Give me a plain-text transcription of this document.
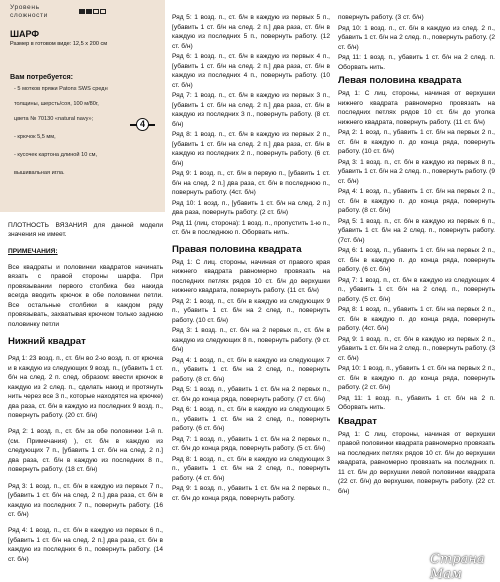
Уровень сложности
ШАРФ
Размер в готовом виде: 12,5 х 200 см
Вам потребуется:
- 5 мотков пряжи Patons SWS средн
толщины, шерсть/соя, 100 м/80г,
цвета № 70130 «natural navy»;
- крючок 5,5 мм,
- кусочек картона длиной 10 см,
вышивальная игла.
4

ПЛОТНОСТЬ ВЯЗАНИЯ для данной модели значения не имеет.

ПРИМЕЧАНИЯ:

Все квадраты и половинки квадратов начинать вязать с правой стороны шарфа. При провязывании первого столбика без накида всегда вводить крючок в обе половинки петли. Все остальные столбики в каждом ряду провязывать, захватывая крючком только заднюю половинку петли

Нижний квадрат

Ряд 1: 23 возд. п., ст. б/н во 2-ю возд. п. от крючка и в каждую из следующих 9 возд. п., (убавить 1 ст. б/н на след. 2 п. след. образом: ввести крючок в каждую из 2 след. п., сделать накид и протянуть нить через все 3 п., которые находятся на крючке) два раза, ст. б/н в каждую из последних 9 возд. п., повернуть работу. (20 ст. б/н)

Ряд 2: 1 возд. п., ст. б/н за обе половинки 1-й п. (см. Примечания) ), ст. б/н в каждую из следующих 7 п., [убавить 1 ст. б/н на след. 2 п.] два раза, ст. б/н в каждую из последних 8 п., повернуть работу. (18 ст. б/н)

Ряд 3: 1 возд. п., ст. б/н в каждую из первых 7 п., [убавить 1 ст. б/н на след. 2 п.] два раза, ст. б/н в каждую из последних 7 п., повернуть работу. (16 ст. б/н)

Ряд 4: 1 возд. п., ст. б/н в каждую из первых 6 п., [убавить 1 ст. б/н на след. 2 п.] два раза, ст. б/н в каждую из последних 6 п., повернуть работу. (14 ст. б/н)

Ряд 5: 1 возд. п., ст. б/н в каждую из первых 5 п., [убавить 1 ст. б/н на след. 2 п.] два раза, ст. б/н в каждую из последних 5 п., повернуть работу. (12 ст. б/н)

Ряд 6: 1 возд. п., ст. б/н в каждую из первых 4 п., [убавить 1 ст. б/н на след. 2 п.] два раза, ст. б/н в каждую из последних 4 п., повернуть работу. (10 ст. б/н)

Ряд 7: 1 возд. п., ст. б/н в каждую из первых 3 п., [убавить 1 ст. б/н на след. 2 п.] два раза, ст. б/н в каждую из последних 3 п., повернуть работу. (8 ст. б/н)

Ряд 8: 1 возд. п., ст. б/н в каждую из первых 2 п., [убавить 1 ст. б/н на след. 2 п.] два раза, ст. б/н в каждую из последних 2 п., повернуть работу. (6 ст. б/н)

Ряд 9: 1 возд. п., ст. б/н в первую п., [убавить 1 ст. б/н на след. 2 п.] два раза, ст. б/н в последнюю п., повернуть работу. (4ст. б/н)

Ряд 10: 1 возд. п., [убавить 1 ст. б/н на след. 2 п.] два раза, повернуть работу. (2 ст. б/н)

Ряд 11 (лиц. сторона): 1 возд. п., пропустить 1-ю п., ст. б/н в последнюю п. Оборвать нить.

Правая половина квадрата

Ряд 1: С лиц. стороны, начиная от правого края нижнего квадрата равномерно провязать на последних петлях рядов 10 ст. б/н до верхушки нижнего квадрата, повернуть работу. (11 ст. б/н)

Ряд 2: 1 возд. п., ст. б/н в каждую из следующих 9 п., убавить 1 ст. б/н на 2 след. п., повернуть работу. (10 ст. б/н)

Ряд 3: 1 возд. п., ст. б/н на 2 первых п., ст. б/н в каждую из следующих 8 п., повернуть работу. (9 ст. б/н)

Ряд 4: 1 возд. п., ст. б/н в каждую из следующих 7 п., убавить 1 ст. б/н на 2 след. п., повернуть работу. (8 ст. б/н)

Ряд 5: 1 возд. п., убавить 1 ст. б/н на 2 первых п., ст. б/н до конца ряда, повернуть работу. (7 ст. б/н)

Ряд 6: 1 возд. п., ст. б/н в каждую из следующих 5 п., убавить 1 ст. б/н на 2 след. п., повернуть работу. (6 ст. б/н)

Ряд 7: 1 возд. п., убавить 1 ст. б/н на 2 первых п., ст. б/н до конца ряда, повернуть работу. (5 ст. б/н)

Ряд 8: 1 возд. п., ст. б/н в каждую из следующих 3 п., убавить 1 ст. б/н на 2 след. п., повернуть работу. (4 ст. б/н)

Ряд 9: 1 возд. п., убавить 1 ст. б/н на 2 первых п., ст. б/н до конца ряда, повернуть работу.

повернуть работу. (3 ст. б/н)

Ряд 10: 1 возд. п., ст. б/н в каждую из след. 2 п., убавить 1 ст. б/н на 2 след. п., повернуть работу. (2 ст. б/н)

Ряд 11: 1 возд. п., убавить 1 ст. б/н на 2 след. п. Оборвать нить.

Левая половина квадрата

Ряд 1: С лиц. стороны, начиная от верхушки нижнего квадрата равномерно провязать на последних петлях рядов 10 ст. б/н до уголка нижнего квадрата, повернуть работу. (11 ст. б/н)

Ряд 2: 1 возд. п., убавить 1 ст. б/н на первых 2 п., ст. б/н в каждую п. до конца ряда, повернуть работу. (10 ст. б/н)

Ряд 3: 1 возд. п., ст. б/н в каждую из первых 8 п., убавить 1 ст. б/н на 2 след. п., повернуть работу. (9 ст. б/н)

Ряд 4: 1 возд. п., убавить 1 ст. б/н на первых 2 п., ст. б/н в каждую п. до конца ряда, повернуть работу. (8 ст. б/н)

Ряд 5: 1 возд. п., ст. б/н в каждую из первых 6 п., убавить 1 ст. б/н на 2 след. п., повернуть работу. (7ст. б/н)

Ряд 6: 1 возд. п., убавить 1 ст. б/н на первых 2 п., ст. б/н в каждую п. до конца ряда, повернуть работу. (6 ст. б/н)

Ряд 7: 1 возд. п., ст. б/н в каждую из следующих 4 п., убавить 1 ст. б/н на 2 след. п., повернуть работу. (5 ст. б/н)

Ряд 8: 1 возд. п., убавить 1 ст. б/н на первых 2 п., ст. б/н в каждую п. до конца ряда, повернуть работу. (4ст. б/н)

Ряд 9: 1 возд. п., ст. б/н в каждую из первых 2 п., убавить 1 ст. б/н на 2 след. п., повернуть работу. (3 ст. б/н)

Ряд 10: 1 возд. п., убавить 1 ст. б/н на первых 2 п., ст. б/н в каждую п. до конца ряда, повернуть работу. (2 ст. б/н)

Ряд 11: 1 возд. п., убавить 1 ст. б/н на 2 п. Оборвать нить.

Квадрат

Ряд 1: С лиц. стороны, начиная от верхушки правой половинки квадрата равномерно провязать на последних петлях рядов 10 ст. б/н до верхушки квадрата, равномерно провязать на последних п. 11 ст. б/н до верхушки левой половинки квадрата (22 ст. б/н) до верхушки, повернуть работу. (22 ст. б/н)

Страна Мам
